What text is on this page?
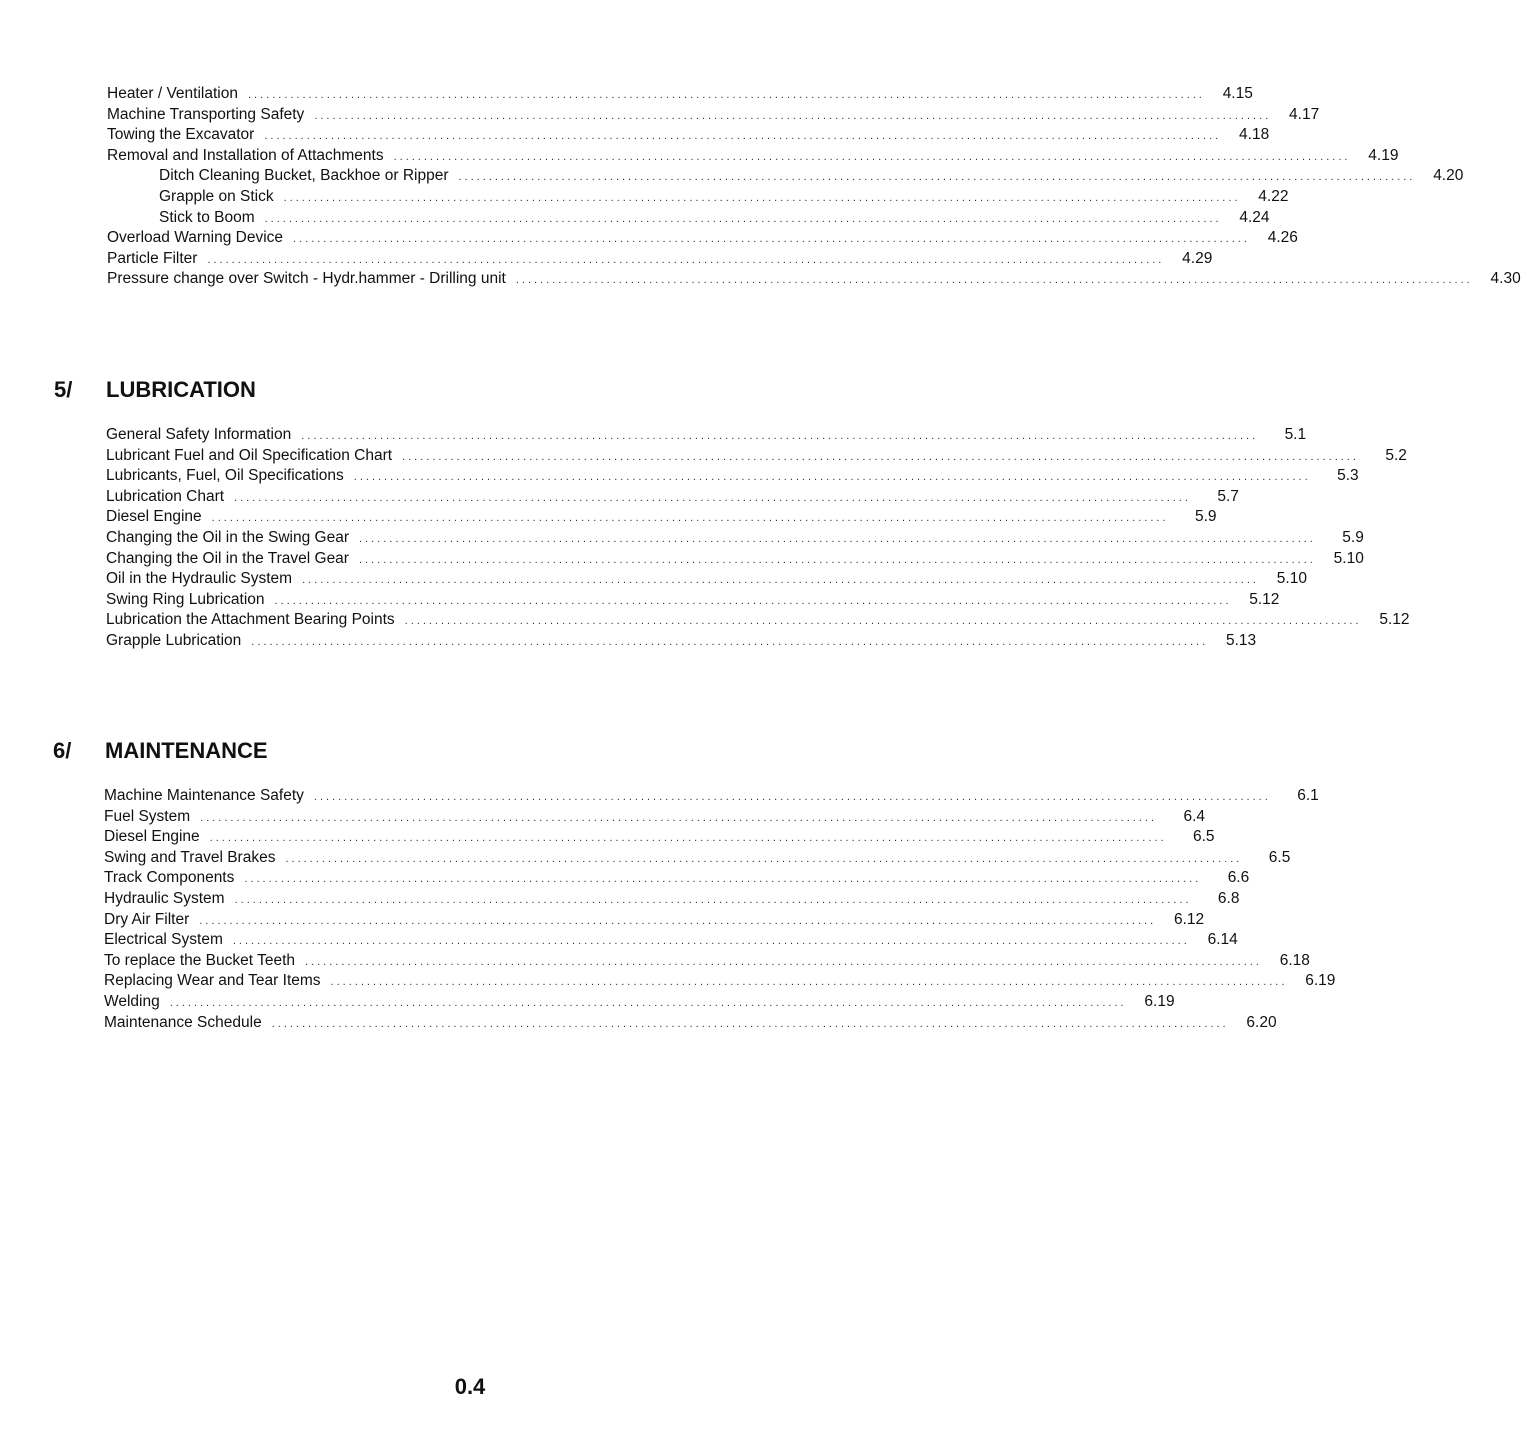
Heater / Ventilation ..............................................................................................................................................................	4.15
Machine Transporting Safety ..............................................................................................................................................................	4.17
Towing the Excavator ..............................................................................................................................................................	4.18
Removal and Installation of Attachments ..............................................................................................................................................................	4.19
Ditch Cleaning Bucket, Backhoe or Ripper ..............................................................................................................................................................	4.20
Grapple on Stick ..............................................................................................................................................................	4.22
Stick to Boom ..............................................................................................................................................................	4.24
Overload Warning Device ..............................................................................................................................................................	4.26
Particle Filter ..............................................................................................................................................................	4.29
Pressure change over Switch - Hydr.hammer - Drilling unit ..............................................................................................................................................................	4.30
5/	LUBRICATION
General Safety Information ..............................................................................................................................................................	5.1
Lubricant Fuel and Oil Specification Chart ..............................................................................................................................................................	5.2
Lubricants, Fuel, Oil Specifications ..............................................................................................................................................................	5.3
Lubrication Chart ..............................................................................................................................................................	5.7
Diesel Engine ..............................................................................................................................................................	5.9
Changing the Oil in the Swing Gear ..............................................................................................................................................................	5.9
Changing the Oil in the Travel Gear ..............................................................................................................................................................	5.10
Oil in the Hydraulic System ..............................................................................................................................................................	5.10
Swing Ring Lubrication ..............................................................................................................................................................	5.12
Lubrication the Attachment Bearing Points ..............................................................................................................................................................	5.12
Grapple Lubrication ..............................................................................................................................................................	5.13
6/	MAINTENANCE
Machine Maintenance Safety ..............................................................................................................................................................	6.1
Fuel System ..............................................................................................................................................................	6.4
Diesel Engine ..............................................................................................................................................................	6.5
Swing and Travel Brakes ..............................................................................................................................................................	6.5
Track Components ..............................................................................................................................................................	6.6
Hydraulic System ..............................................................................................................................................................	6.8
Dry Air Filter ..............................................................................................................................................................	6.12
Electrical System ..............................................................................................................................................................	6.14
To replace the Bucket Teeth ..............................................................................................................................................................	6.18
Replacing Wear and Tear Items ..............................................................................................................................................................	6.19
Welding ..............................................................................................................................................................	6.19
Maintenance Schedule ..............................................................................................................................................................	6.20
0.4
